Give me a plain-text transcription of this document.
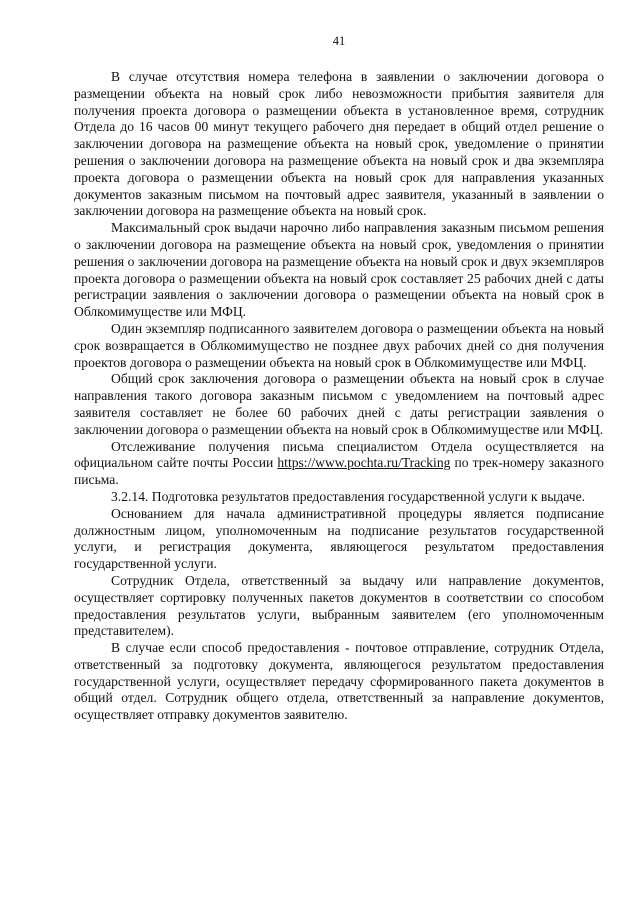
41

В случае отсутствия номера телефона в заявлении о заключении договора о размещении объекта на новый срок либо невозможности прибытия заявителя для получения проекта договора о размещении объекта в установленное время, сотрудник Отдела до 16 часов 00 минут текущего рабочего дня передает в общий отдел решение о заключении договора на размещение объекта на новый срок, уведомление о принятии решения о заключении договора на размещение объекта на новый срок и два экземпляра проекта договора о размещении объекта на новый срок для направления указанных документов заказным письмом на почтовый адрес заявителя, указанный в заявлении о заключении договора на размещение объекта на новый срок.

Максимальный срок выдачи нарочно либо направления заказным письмом решения о заключении договора на размещение объекта на новый срок, уведомления о принятии решения о заключении договора на размещение объекта на новый срок и двух экземпляров проекта договора о размещении объекта на новый срок составляет 25 рабочих дней с даты регистрации заявления о заключении договора о размещении объекта на новый срок в Облкомимуществе или МФЦ.

Один экземпляр подписанного заявителем договора о размещении объекта на новый срок возвращается в Облкомимущество не позднее двух рабочих дней со дня получения проектов договора о размещении объекта на новый срок в Облкомимуществе или МФЦ.

Общий срок заключения договора о размещении объекта на новый срок в случае направления такого договора заказным письмом с уведомлением на почтовый адрес заявителя составляет не более 60 рабочих дней с даты регистрации заявления о заключении договора о размещении объекта на новый срок в Облкомимуществе или МФЦ.

Отслеживание получения письма специалистом Отдела осуществляется на официальном сайте почты России https://www.pochta.ru/Tracking по трек-номеру заказного письма.

3.2.14. Подготовка результатов предоставления государственной услуги к выдаче.

Основанием для начала административной процедуры является подписание должностным лицом, уполномоченным на подписание результатов государственной услуги, и регистрация документа, являющегося результатом предоставления государственной услуги.

Сотрудник Отдела, ответственный за выдачу или направление документов, осуществляет сортировку полученных пакетов документов в соответствии со способом предоставления результатов услуги, выбранным заявителем (его уполномоченным представителем).

В случае если способ предоставления - почтовое отправление, сотрудник Отдела, ответственный за подготовку документа, являющегося результатом предоставления государственной услуги, осуществляет передачу сформированного пакета документов в общий отдел. Сотрудник общего отдела, ответственный за направление документов, осуществляет отправку документов заявителю.
